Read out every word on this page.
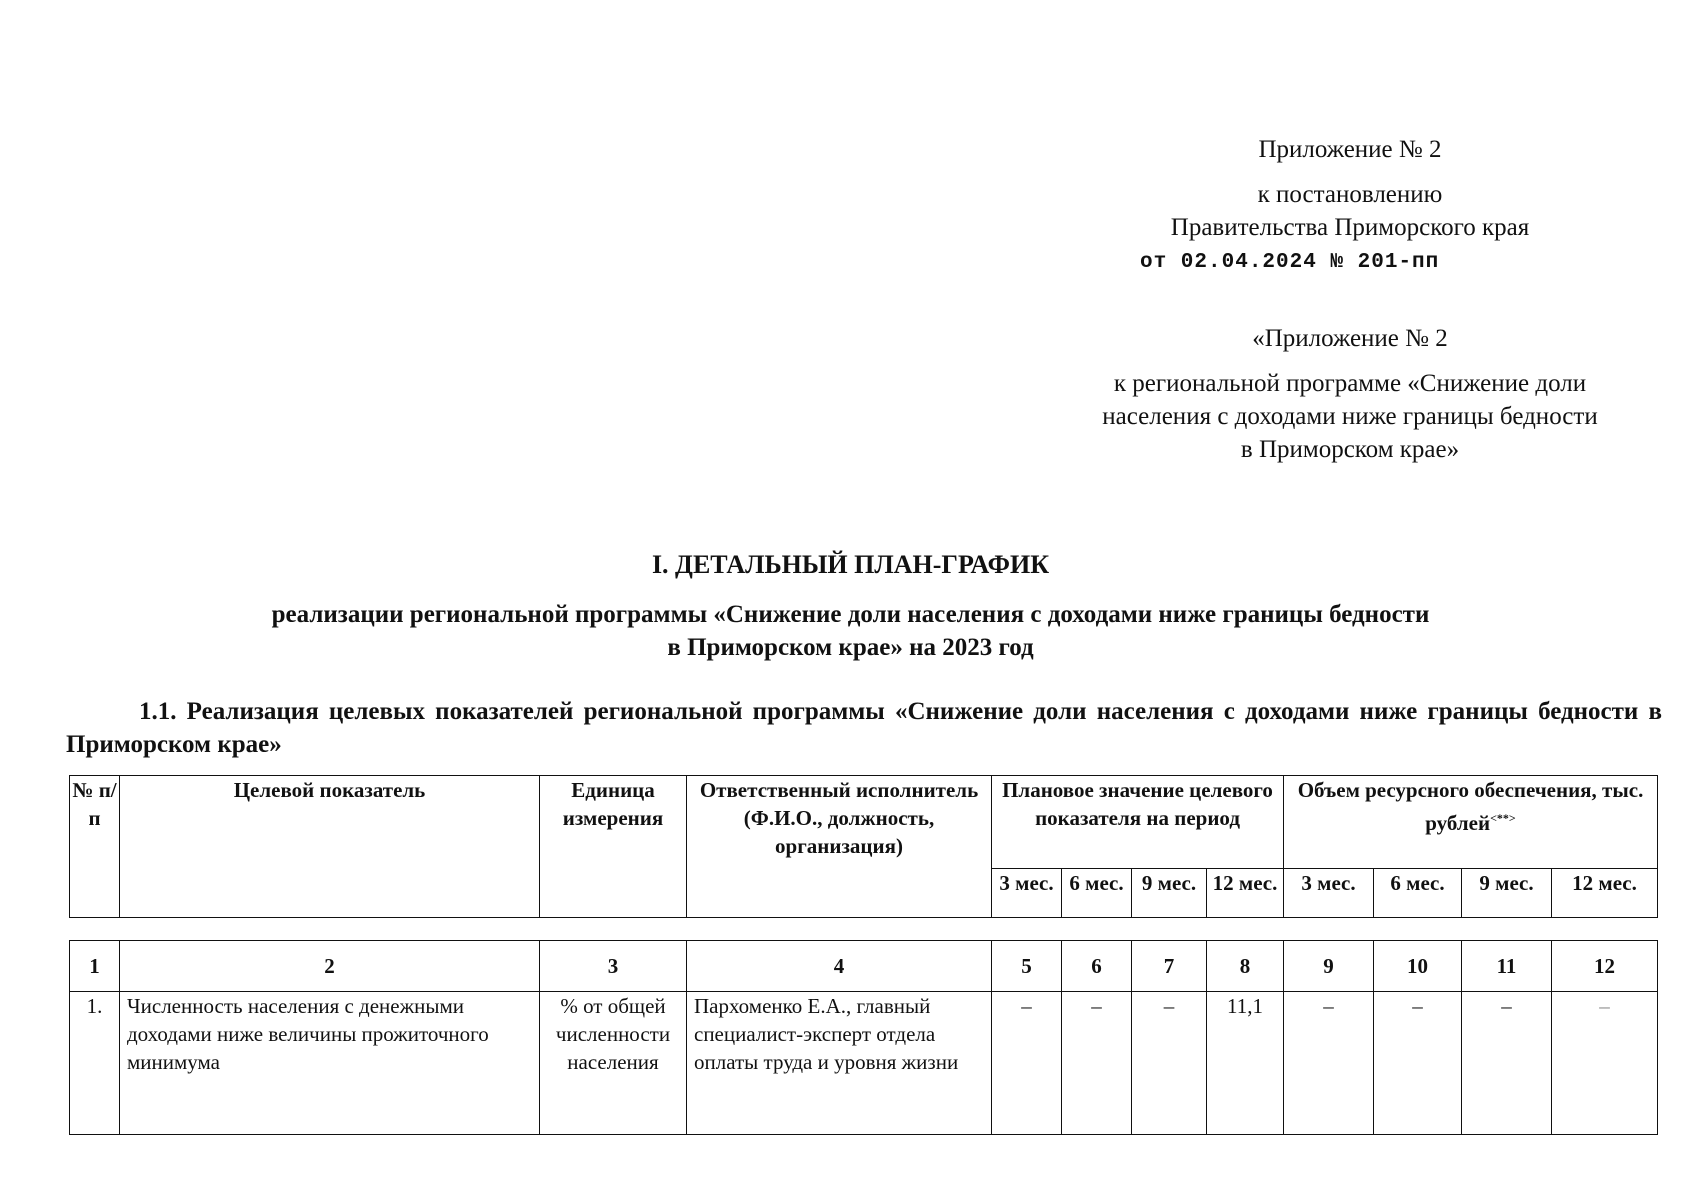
Приложение № 2
к постановлению
Правительства Приморского края
от 02.04.2024 № 201-пп
«Приложение № 2
к региональной программе «Снижение доли
населения с доходами ниже границы бедности
в Приморском крае»
I. ДЕТАЛЬНЫЙ ПЛАН-ГРАФИК
реализации региональной программы «Снижение доли населения с доходами ниже границы бедности
в Приморском крае» на 2023 год
1.1. Реализация целевых показателей региональной программы «Снижение доли населения с доходами ниже границы бедности в Приморском крае»
№ п/п	Целевой показатель	Единица измерения	Ответственный исполнитель (Ф.И.О., должность, организация)	Плановое значение целевого показателя на период				Объем ресурсного обеспечения, тыс. рублей<**>
				3 мес.	6 мес.	9 мес.	12 мес.	3 мес.	6 мес.	9 мес.	12 мес.
1	2	3	4	5	6	7	8	9	10	11	12
1.	Численность населения с денежными доходами ниже величины прожиточного минимума	% от общей численности населения	Пархоменко Е.А., главный специалист-эксперт отдела оплаты труда и уровня жизни	–	–	–	11,1	–	–	–	–
